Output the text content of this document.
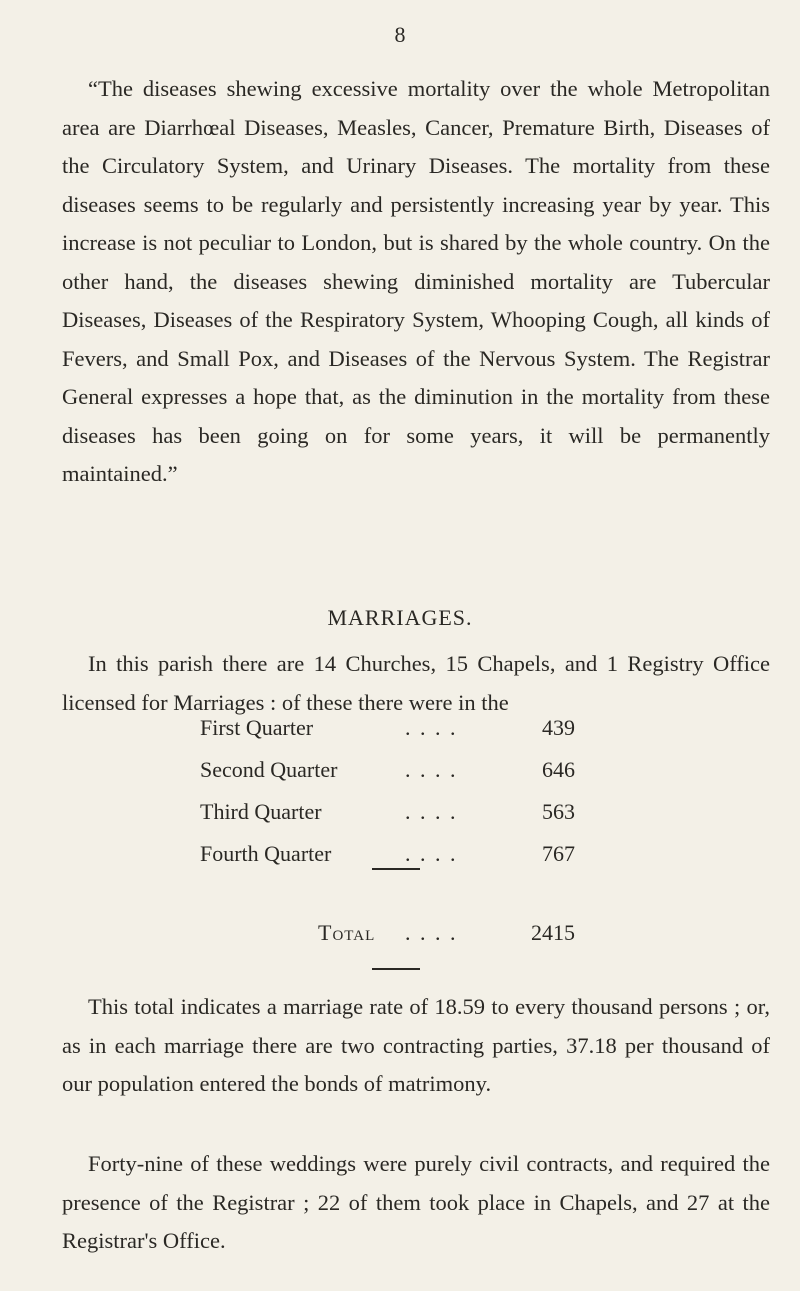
8

“The diseases shewing excessive mortality over the whole Metropolitan area are Diarrhœal Diseases, Measles, Cancer, Premature Birth, Diseases of the Circulatory System, and Urinary Diseases. The mortality from these diseases seems to be regularly and persistently increasing year by year. This increase is not peculiar to London, but is shared by the whole country. On the other hand, the diseases shewing diminished mortality are Tubercular Diseases, Diseases of the Respiratory System, Whooping Cough, all kinds of Fevers, and Small Pox, and Diseases of the Nervous System. The Registrar General expresses a hope that, as the diminution in the mortality from these diseases has been going on for some years, it will be permanently maintained.”

MARRIAGES.

In this parish there are 14 Churches, 15 Chapels, and 1 Registry Office licensed for Marriages : of these there were in the

First Quarter	. . . .	439
Second Quarter	. . . .	646
Third Quarter	. . . .	563
Fourth Quarter	. . . .	767
Total . . . .	2415

This total indicates a marriage rate of 18.59 to every thousand persons ; or, as in each marriage there are two contracting parties, 37.18 per thousand of our population entered the bonds of matrimony.

Forty-nine of these weddings were purely civil contracts, and required the presence of the Registrar ; 22 of them took place in Chapels, and 27 at the Registrar's Office.
